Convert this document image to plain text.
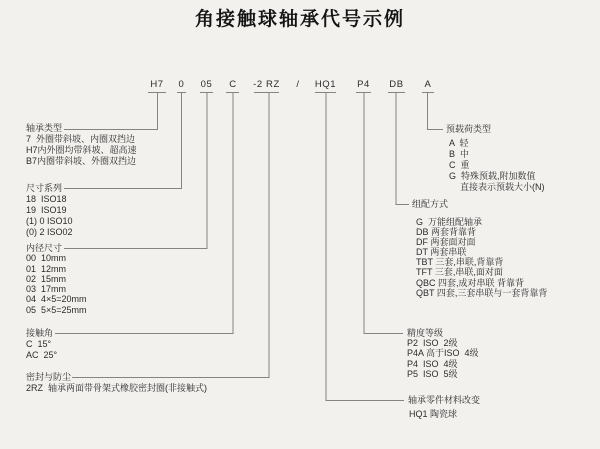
角接触球轴承代号示例
H7 0 05 C -2 RZ / HQ1 P4 DB A
轴承类型
7  外圈带斜坡、内圈双挡边
H7内外圈均带斜坡、超高速
B7内圈带斜坡、外圈双挡边
尺寸系列
18  ISO18
19  ISO19
(1) 0 ISO10
(0) 2 ISO02
内径尺寸
00  10mm
01  12mm
02  15mm
03  17mm
04  4×5=20mm
05  5×5=25mm
接触角
C  15°
AC  25°
密封与防尘
2RZ  轴承两面带骨架式橡胶密封圈(非接触式)
预载荷类型
A  轻
B  中
C  重
G  特殊预载,附加数值
直接表示预载大小(N)
组配方式
G  万能组配轴承
DB 两套背靠背
DF 两套面对面
DT 两套串联
TBT 三套,串联,背靠背
TFT 三套,串联,面对面
QBC 四套,成对串联 背靠背
QBT 四套,三套串联与一套背靠背
精度等级
P2  ISO  2级
P4A 高于ISO  4级
P4  ISO  4级
P5  ISO  5级
轴承零件材料改变
HQ1 陶瓷球
